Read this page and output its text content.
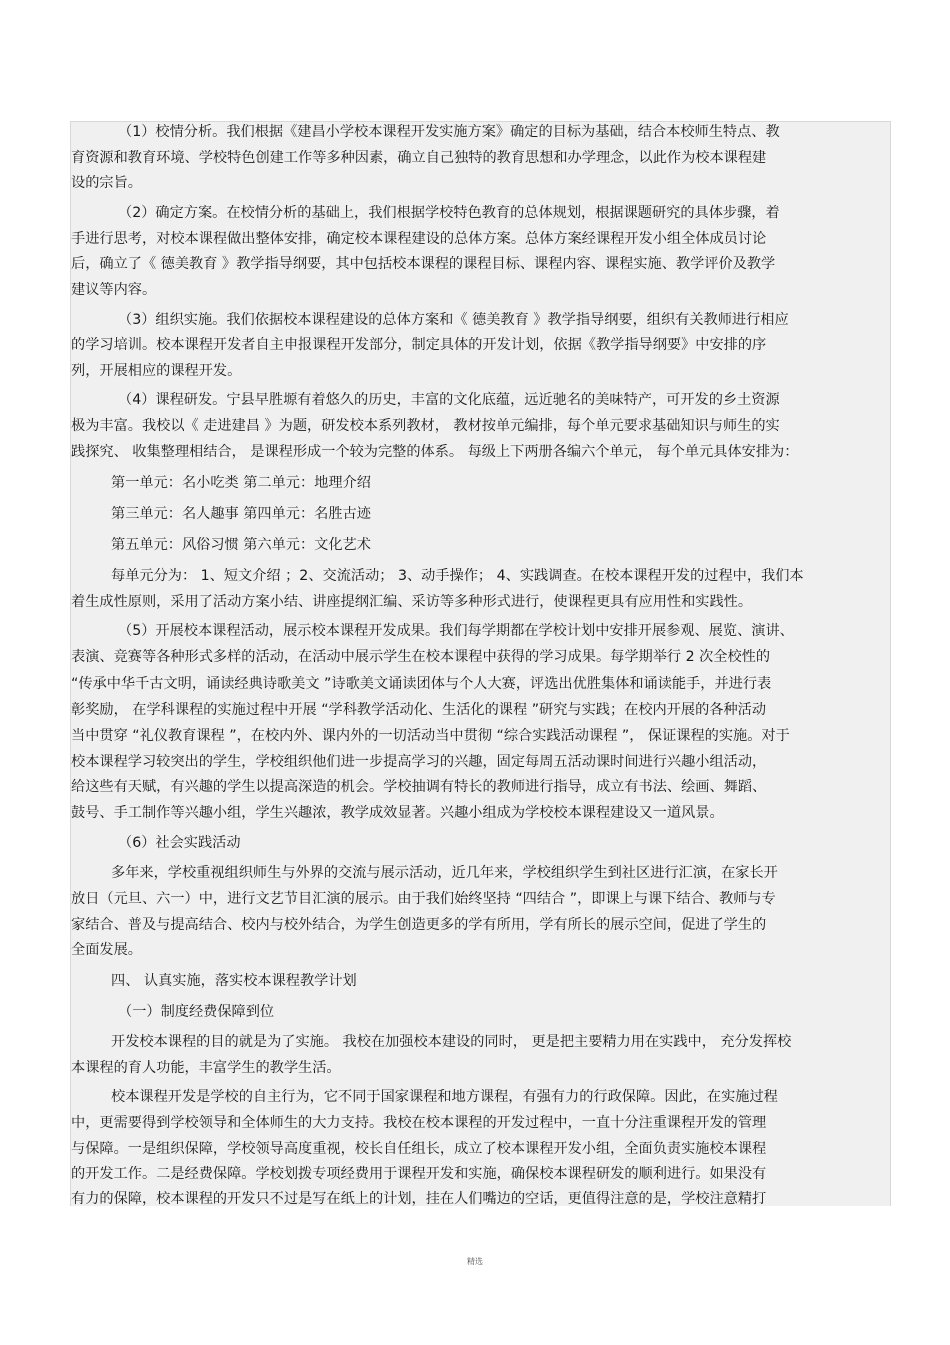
（1）校情分析。我们根据《建昌小学校本课程开发实施方案》确定的目标为基础，结合本校师生特点、教
育资源和教育环境、学校特色创建工作等多种因素，确立自己独特的教育思想和办学理念，以此作为校本课程建
设的宗旨。
（2）确定方案。在校情分析的基础上，我们根据学校特色教育的总体规划，根据课题研究的具体步骤，着
手进行思考，对校本课程做出整体安排，确定校本课程建设的总体方案。总体方案经课程开发小组全体成员讨论
后，确立了《 德美教育 》教学指导纲要，其中包括校本课程的课程目标、课程内容、课程实施、教学评价及教学
建议等内容。
（3）组织实施。我们依据校本课程建设的总体方案和《 德美教育 》教学指导纲要，组织有关教师进行相应
的学习培训。校本课程开发者自主申报课程开发部分，制定具体的开发计划，依据《教学指导纲要》中安排的序
列，开展相应的课程开发。
（4）课程研发。宁县早胜塬有着悠久的历史，丰富的文化底蕴，远近驰名的美味特产，可开发的乡土资源
极为丰富。我校以《 走进建昌 》为题，研发校本系列教材， 教材按单元编排，每个单元要求基础知识与师生的实
践探究、 收集整理相结合， 是课程形成一个较为完整的体系。 每级上下两册各编六个单元， 每个单元具体安排为：
第一单元：名小吃类 第二单元：地理介绍
第三单元：名人趣事 第四单元：名胜古迹
第五单元：风俗习惯 第六单元：文化艺术
每单元分为： 1、短文介绍 ；2、交流活动； 3、动手操作； 4、实践调查。在校本课程开发的过程中，我们本
着生成性原则，采用了活动方案小结、讲座提纲汇编、采访等多种形式进行，使课程更具有应用性和实践性。
（5）开展校本课程活动，展示校本课程开发成果。我们每学期都在学校计划中安排开展参观、展览、演讲、
表演、竞赛等各种形式多样的活动，在活动中展示学生在校本课程中获得的学习成果。每学期举行 2 次全校性的
“传承中华千古文明，诵读经典诗歌美文 ”诗歌美文诵读团体与个人大赛，评选出优胜集体和诵读能手，并进行表
彰奖励， 在学科课程的实施过程中开展 “学科教学活动化、生活化的课程 ”研究与实践；在校内开展的各种活动
当中贯穿 “礼仪教育课程 ”，在校内外、课内外的一切活动当中贯彻 “综合实践活动课程 ”， 保证课程的实施。对于
校本课程学习较突出的学生，学校组织他们进一步提高学习的兴趣，固定每周五活动课时间进行兴趣小组活动，
给这些有天赋，有兴趣的学生以提高深造的机会。学校抽调有特长的教师进行指导，成立有书法、绘画、舞蹈、
鼓号、手工制作等兴趣小组，学生兴趣浓，教学成效显著。兴趣小组成为学校校本课程建设又一道风景。
（6）社会实践活动
多年来，学校重视组织师生与外界的交流与展示活动，近几年来，学校组织学生到社区进行汇演，在家长开
放日（元旦、六一）中，进行文艺节目汇演的展示。由于我们始终坚持 “四结合 ”，即课上与课下结合、教师与专
家结合、普及与提高结合、校内与校外结合，为学生创造更多的学有所用，学有所长的展示空间，促进了学生的
全面发展。
四、 认真实施，落实校本课程教学计划
（一）制度经费保障到位
开发校本课程的目的就是为了实施。 我校在加强校本建设的同时， 更是把主要精力用在实践中， 充分发挥校
本课程的育人功能，丰富学生的教学生活。
校本课程开发是学校的自主行为，它不同于国家课程和地方课程，有强有力的行政保障。因此，在实施过程
中，更需要得到学校领导和全体师生的大力支持。我校在校本课程的开发过程中，一直十分注重课程开发的管理
与保障。一是组织保障，学校领导高度重视，校长自任组长，成立了校本课程开发小组，全面负责实施校本课程
的开发工作。二是经费保障。学校划拨专项经费用于课程开发和实施，确保校本课程研发的顺利进行。如果没有
有力的保障，校本课程的开发只不过是写在纸上的计划，挂在人们嘴边的空话，更值得注意的是，学校注意精打
精选
